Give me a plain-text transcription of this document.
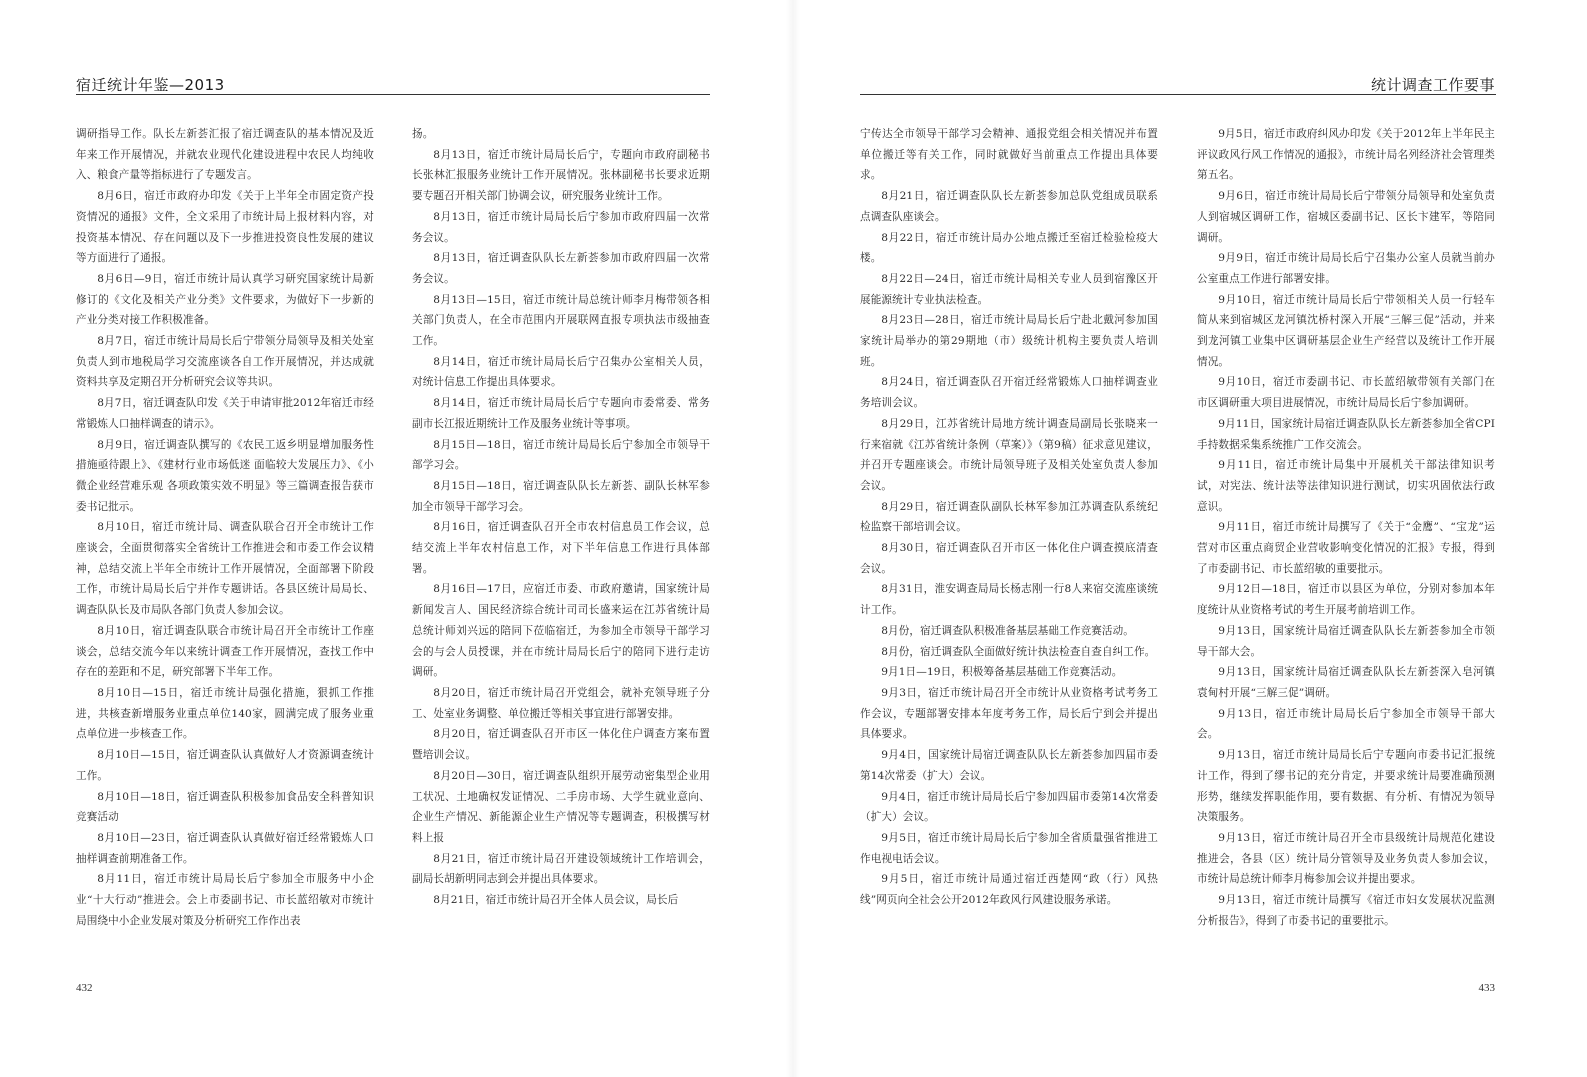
宿迁统计年鉴—2013

调研指导工作。队长左新荟汇报了宿迁调查队的基本情况及近年来工作开展情况，并就农业现代化建设进程中农民人均纯收入、粮食产量等指标进行了专题发言。

8月6日，宿迁市政府办印发《关于上半年全市固定资产投资情况的通报》文件，全文采用了市统计局上报材料内容，对投资基本情况、存在问题以及下一步推进投资良性发展的建议等方面进行了通报。

8月6日—9日，宿迁市统计局认真学习研究国家统计局新修订的《文化及相关产业分类》文件要求，为做好下一步新的产业分类对接工作积极准备。

8月7日，宿迁市统计局局长后宁带领分局领导及相关处室负责人到市地税局学习交流座谈各自工作开展情况，并达成就资料共享及定期召开分析研究会议等共识。

8月7日，宿迁调查队印发《关于申请审批2012年宿迁市经常锻炼人口抽样调查的请示》。

8月9日，宿迁调查队撰写的《农民工返乡明显增加服务性措施亟待跟上》、《建材行业市场低迷 面临较大发展压力》、《小微企业经营难乐观 各项政策实效不明显》等三篇调查报告获市委书记批示。

8月10日，宿迁市统计局、调查队联合召开全市统计工作座谈会，全面贯彻落实全省统计工作推进会和市委工作会议精神，总结交流上半年全市统计工作开展情况，全面部署下阶段工作，市统计局局长后宁并作专题讲话。各县区统计局局长、调查队队长及市局队各部门负责人参加会议。

8月10日，宿迁调查队联合市统计局召开全市统计工作座谈会，总结交流今年以来统计调查工作开展情况，查找工作中存在的差距和不足，研究部署下半年工作。

8月10日—15日，宿迁市统计局强化措施，狠抓工作推进，共核查新增服务业重点单位140家，圆满完成了服务业重点单位进一步核查工作。

8月10日—15日，宿迁调查队认真做好人才资源调查统计工作。

8月10日—18日，宿迁调查队积极参加食品安全科普知识竞赛活动

8月10日—23日，宿迁调查队认真做好宿迁经常锻炼人口抽样调查前期准备工作。

8月11日，宿迁市统计局局长后宁参加全市服务中小企业“十大行动”推进会。会上市委副书记、市长蓝绍敏对市统计局围绕中小企业发展对策及分析研究工作作出表

扬。

8月13日，宿迁市统计局局长后宁，专题向市政府副秘书长张林汇报服务业统计工作开展情况。张林副秘书长要求近期要专题召开相关部门协调会议，研究服务业统计工作。

8月13日，宿迁市统计局局长后宁参加市政府四届一次常务会议。

8月13日，宿迁调查队队长左新荟参加市政府四届一次常务会议。

8月13日—15日，宿迁市统计局总统计师李月梅带领各相关部门负责人，在全市范围内开展联网直报专项执法市级抽查工作。

8月14日，宿迁市统计局局长后宁召集办公室相关人员，对统计信息工作提出具体要求。

8月14日，宿迁市统计局局长后宁专题向市委常委、常务副市长江报近期统计工作及服务业统计等事项。

8月15日—18日，宿迁市统计局局长后宁参加全市领导干部学习会。

8月15日—18日，宿迁调查队队长左新荟、副队长林军参加全市领导干部学习会。

8月16日，宿迁调查队召开全市农村信息员工作会议，总结交流上半年农村信息工作，对下半年信息工作进行具体部署。

8月16日—17日，应宿迁市委、市政府邀请，国家统计局新闻发言人、国民经济综合统计司司长盛来运在江苏省统计局总统计师刘兴远的陪同下莅临宿迁，为参加全市领导干部学习会的与会人员授课，并在市统计局局长后宁的陪同下进行走访调研。

8月20日，宿迁市统计局召开党组会，就补充领导班子分工、处室业务调整、单位搬迁等相关事宜进行部署安排。

8月20日，宿迁调查队召开市区一体化住户调查方案布置暨培训会议。

8月20日—30日，宿迁调查队组织开展劳动密集型企业用工状况、土地确权发证情况、二手房市场、大学生就业意向、企业生产情况、新能源企业生产情况等专题调查，积极撰写材料上报

8月21日，宿迁市统计局召开建设领域统计工作培训会，副局长胡新明同志到会并提出具体要求。

8月21日，宿迁市统计局召开全体人员会议，局长后

432
统计调查工作要事

宁传达全市领导干部学习会精神、通报党组会相关情况并布置单位搬迁等有关工作，同时就做好当前重点工作提出具体要求。

8月21日，宿迁调查队队长左新荟参加总队党组成员联系点调查队座谈会。

8月22日，宿迁市统计局办公地点搬迁至宿迁检验检疫大楼。

8月22日—24日，宿迁市统计局相关专业人员到宿豫区开展能源统计专业执法检查。

8月23日—28日，宿迁市统计局局长后宁赴北戴河参加国家统计局举办的第29期地（市）级统计机构主要负责人培训班。

8月24日，宿迁调查队召开宿迁经常锻炼人口抽样调查业务培训会议。

8月29日，江苏省统计局地方统计调查局副局长张晓来一行来宿就《江苏省统计条例（草案）》（第9稿）征求意见建议，并召开专题座谈会。市统计局领导班子及相关处室负责人参加会议。

8月29日，宿迁调查队副队长林军参加江苏调查队系统纪检监察干部培训会议。

8月30日，宿迁调查队召开市区一体化住户调查摸底清查会议。

8月31日，淮安调查局局长杨志刚一行8人来宿交流座谈统计工作。

8月份，宿迁调查队积极准备基层基础工作竞赛活动。

8月份，宿迁调查队全面做好统计执法检查自查自纠工作。

9月1日—19日，积极筹备基层基础工作竞赛活动。

9月3日，宿迁市统计局召开全市统计从业资格考试考务工作会议，专题部署安排本年度考务工作，局长后宁到会并提出具体要求。

9月4日，国家统计局宿迁调查队队长左新荟参加四届市委第14次常委（扩大）会议。

9月4日，宿迁市统计局局长后宁参加四届市委第14次常委（扩大）会议。

9月5日，宿迁市统计局局长后宁参加全省质量强省推进工作电视电话会议。

9月5日，宿迁市统计局通过宿迁西楚网“政（行）风热线”网页向全社会公开2012年政风行风建设服务承诺。

9月5日，宿迁市政府纠风办印发《关于2012年上半年民主评议政风行风工作情况的通报》，市统计局名列经济社会管理类第五名。

9月6日，宿迁市统计局局长后宁带领分局领导和处室负责人到宿城区调研工作，宿城区委副书记、区长卞建军，等陪同调研。

9月9日，宿迁市统计局局长后宁召集办公室人员就当前办公室重点工作进行部署安排。

9月10日，宿迁市统计局局长后宁带领相关人员一行轻车简从来到宿城区龙河镇沈桥村深入开展“三解三促”活动，并来到龙河镇工业集中区调研基层企业生产经营以及统计工作开展情况。

9月10日，宿迁市委副书记、市长蓝绍敏带领有关部门在市区调研重大项目进展情况，市统计局局长后宁参加调研。

9月11日，国家统计局宿迁调查队队长左新荟参加全省CPI手持数据采集系统推广工作交流会。

9月11日，宿迁市统计局集中开展机关干部法律知识考试，对宪法、统计法等法律知识进行测试，切实巩固依法行政意识。

9月11日，宿迁市统计局撰写了《关于“金鹰”、“宝龙”运营对市区重点商贸企业营收影响变化情况的汇报》专报，得到了市委副书记、市长蓝绍敏的重要批示。

9月12日—18日，宿迁市以县区为单位，分别对参加本年度统计从业资格考试的考生开展考前培训工作。

9月13日，国家统计局宿迁调查队队长左新荟参加全市领导干部大会。

9月13日，国家统计局宿迁调查队队长左新荟深入皂河镇袁甸村开展“三解三促”调研。

9月13日，宿迁市统计局局长后宁参加全市领导干部大会。

9月13日，宿迁市统计局局长后宁专题向市委书记汇报统计工作，得到了缪书记的充分肯定，并要求统计局要准确预测形势，继续发挥职能作用，要有数据、有分析、有情况为领导决策服务。

9月13日，宿迁市统计局召开全市县级统计局规范化建设推进会，各县（区）统计局分管领导及业务负责人参加会议，市统计局总统计师李月梅参加会议并提出要求。

9月13日，宿迁市统计局撰写《宿迁市妇女发展状况监测分析报告》，得到了市委书记的重要批示。

433
